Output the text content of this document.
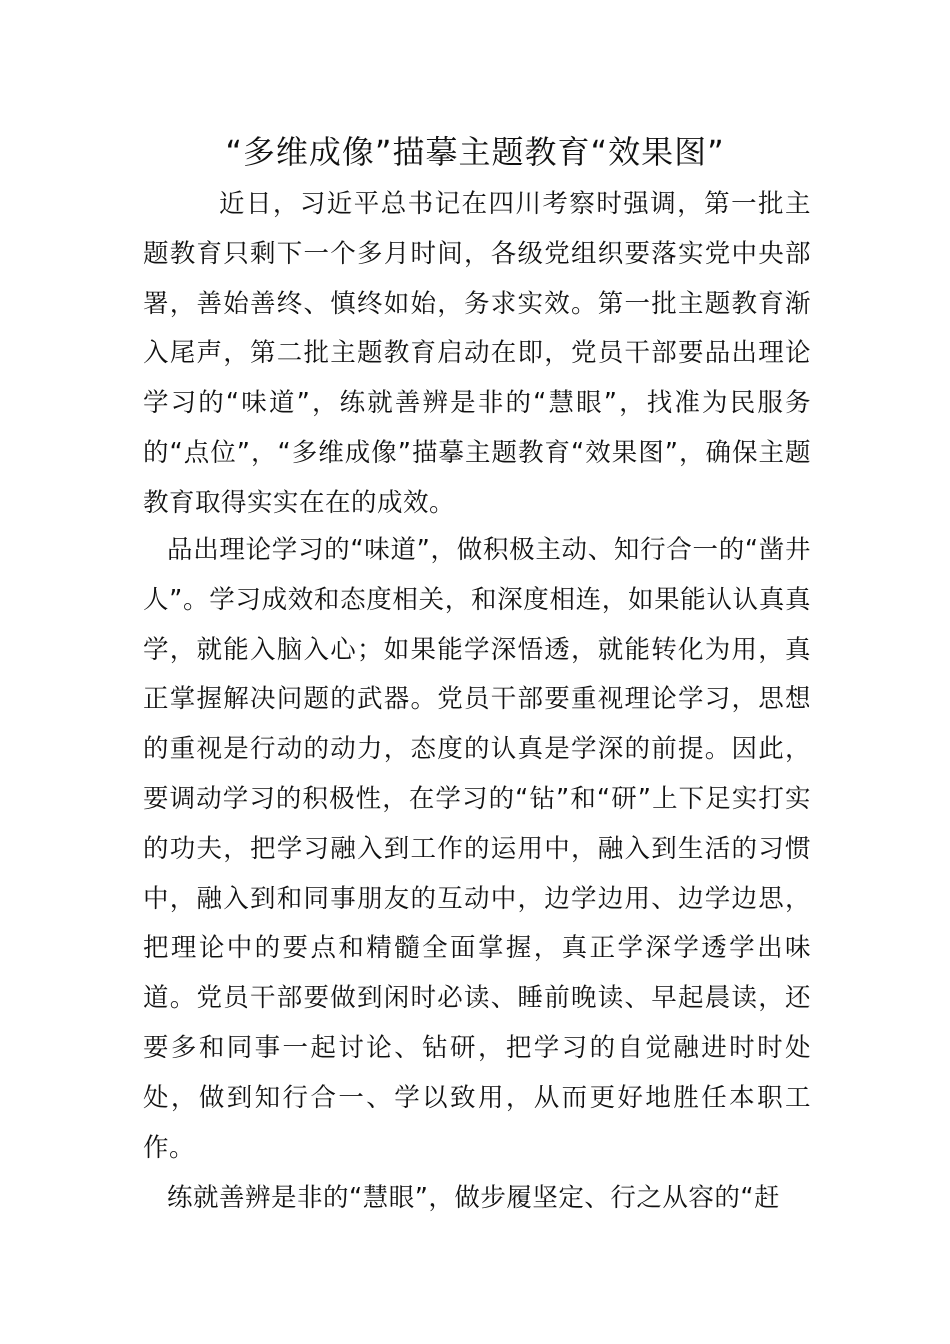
“多维成像”描摹主题教育“效果图”

近日，习近平总书记在四川考察时强调，第一批主题教育只剩下一个多月时间，各级党组织要落实党中央部署，善始善终、慎终如始，务求实效。第一批主题教育渐入尾声，第二批主题教育启动在即，党员干部要品出理论学习的“味道”，练就善辨是非的“慧眼”，找准为民服务的“点位”，“多维成像”描摹主题教育“效果图”，确保主题教育取得实实在在的成效。

品出理论学习的“味道”，做积极主动、知行合一的“凿井人”。学习成效和态度相关，和深度相连，如果能认认真真学，就能入脑入心；如果能学深悟透，就能转化为用，真正掌握解决问题的武器。党员干部要重视理论学习，思想的重视是行动的动力，态度的认真是学深的前提。因此，要调动学习的积极性，在学习的“钻”和“研”上下足实打实的功夫，把学习融入到工作的运用中，融入到生活的习惯中，融入到和同事朋友的互动中，边学边用、边学边思，把理论中的要点和精髓全面掌握，真正学深学透学出味道。党员干部要做到闲时必读、睡前晚读、早起晨读，还要多和同事一起讨论、钻研，把学习的自觉融进时时处处，做到知行合一、学以致用，从而更好地胜任本职工作。

练就善辨是非的“慧眼”，做步履坚定、行之从容的“赶
